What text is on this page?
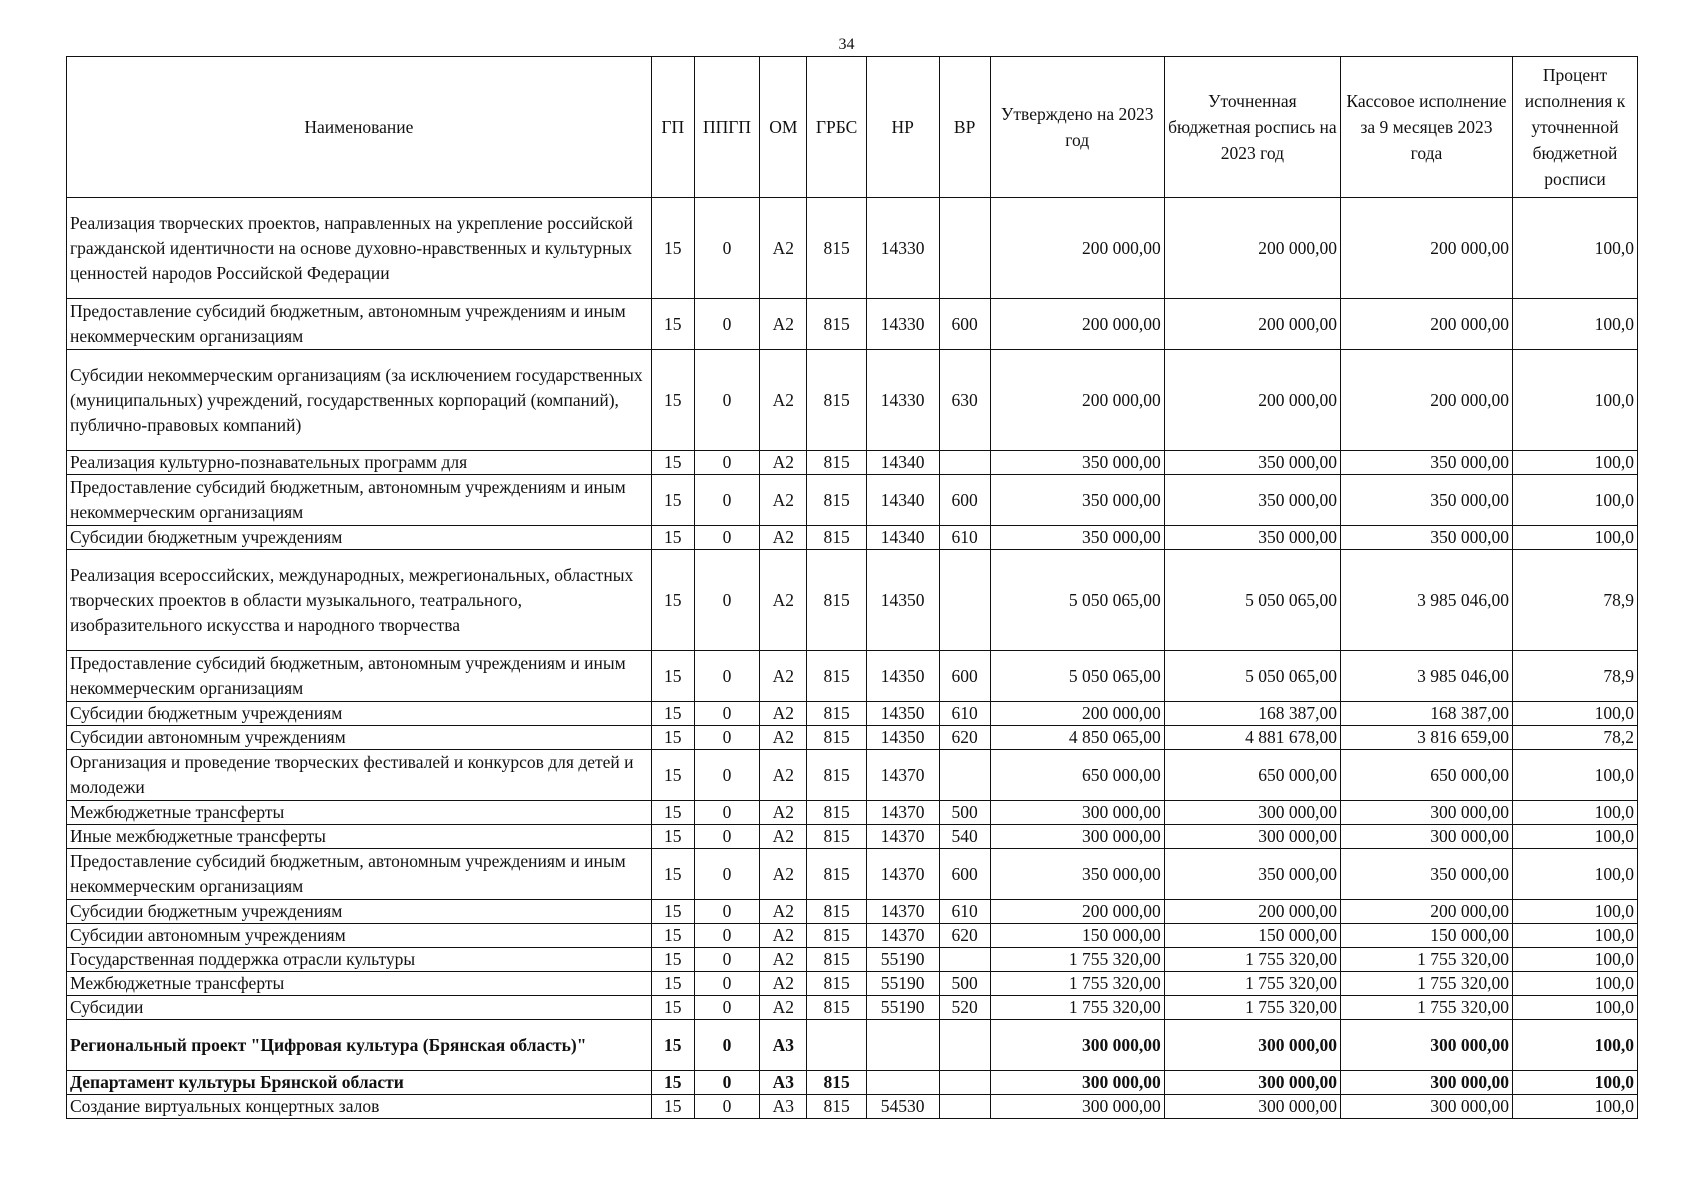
34
Наименование	ГП	ППГП	ОМ	ГРБС	НР	ВР	Утверждено на 2023 год	Уточненная бюджетная роспись на 2023 год	Кассовое исполнение за 9 месяцев 2023 года	Процент исполнения к уточненной бюджетной росписи
Реализация творческих проектов, направленных на укрепление российской гражданской идентичности на основе духовно-нравственных и культурных ценностей народов Российской Федерации	15	0	А2	815	14330		200 000,00	200 000,00	200 000,00	100,0
Предоставление субсидий бюджетным, автономным учреждениям и иным некоммерческим организациям	15	0	А2	815	14330	600	200 000,00	200 000,00	200 000,00	100,0
Субсидии некоммерческим организациям (за исключением государственных (муниципальных) учреждений, государственных корпораций (компаний), публично-правовых компаний)	15	0	А2	815	14330	630	200 000,00	200 000,00	200 000,00	100,0
Реализация культурно-познавательных программ для	15	0	А2	815	14340		350 000,00	350 000,00	350 000,00	100,0
Предоставление субсидий бюджетным, автономным учреждениям и иным некоммерческим организациям	15	0	А2	815	14340	600	350 000,00	350 000,00	350 000,00	100,0
Субсидии бюджетным учреждениям	15	0	А2	815	14340	610	350 000,00	350 000,00	350 000,00	100,0
Реализация всероссийских, международных, межрегиональных, областных творческих проектов в области музыкального, театрального, изобразительного искусства и народного творчества	15	0	А2	815	14350		5 050 065,00	5 050 065,00	3 985 046,00	78,9
Предоставление субсидий бюджетным, автономным учреждениям и иным некоммерческим организациям	15	0	А2	815	14350	600	5 050 065,00	5 050 065,00	3 985 046,00	78,9
Субсидии бюджетным учреждениям	15	0	А2	815	14350	610	200 000,00	168 387,00	168 387,00	100,0
Субсидии автономным учреждениям	15	0	А2	815	14350	620	4 850 065,00	4 881 678,00	3 816 659,00	78,2
Организация и проведение творческих фестивалей и конкурсов для детей и молодежи	15	0	А2	815	14370		650 000,00	650 000,00	650 000,00	100,0
Межбюджетные трансферты	15	0	А2	815	14370	500	300 000,00	300 000,00	300 000,00	100,0
Иные межбюджетные трансферты	15	0	А2	815	14370	540	300 000,00	300 000,00	300 000,00	100,0
Предоставление субсидий бюджетным, автономным учреждениям и иным некоммерческим организациям	15	0	А2	815	14370	600	350 000,00	350 000,00	350 000,00	100,0
Субсидии бюджетным учреждениям	15	0	А2	815	14370	610	200 000,00	200 000,00	200 000,00	100,0
Субсидии автономным учреждениям	15	0	А2	815	14370	620	150 000,00	150 000,00	150 000,00	100,0
Государственная поддержка отрасли культуры	15	0	А2	815	55190		1 755 320,00	1 755 320,00	1 755 320,00	100,0
Межбюджетные трансферты	15	0	А2	815	55190	500	1 755 320,00	1 755 320,00	1 755 320,00	100,0
Субсидии	15	0	А2	815	55190	520	1 755 320,00	1 755 320,00	1 755 320,00	100,0
Региональный проект "Цифровая культура (Брянская область)"	15	0	А3				300 000,00	300 000,00	300 000,00	100,0
Департамент культуры Брянской области	15	0	А3	815			300 000,00	300 000,00	300 000,00	100,0
Создание виртуальных концертных залов	15	0	А3	815	54530		300 000,00	300 000,00	300 000,00	100,0
